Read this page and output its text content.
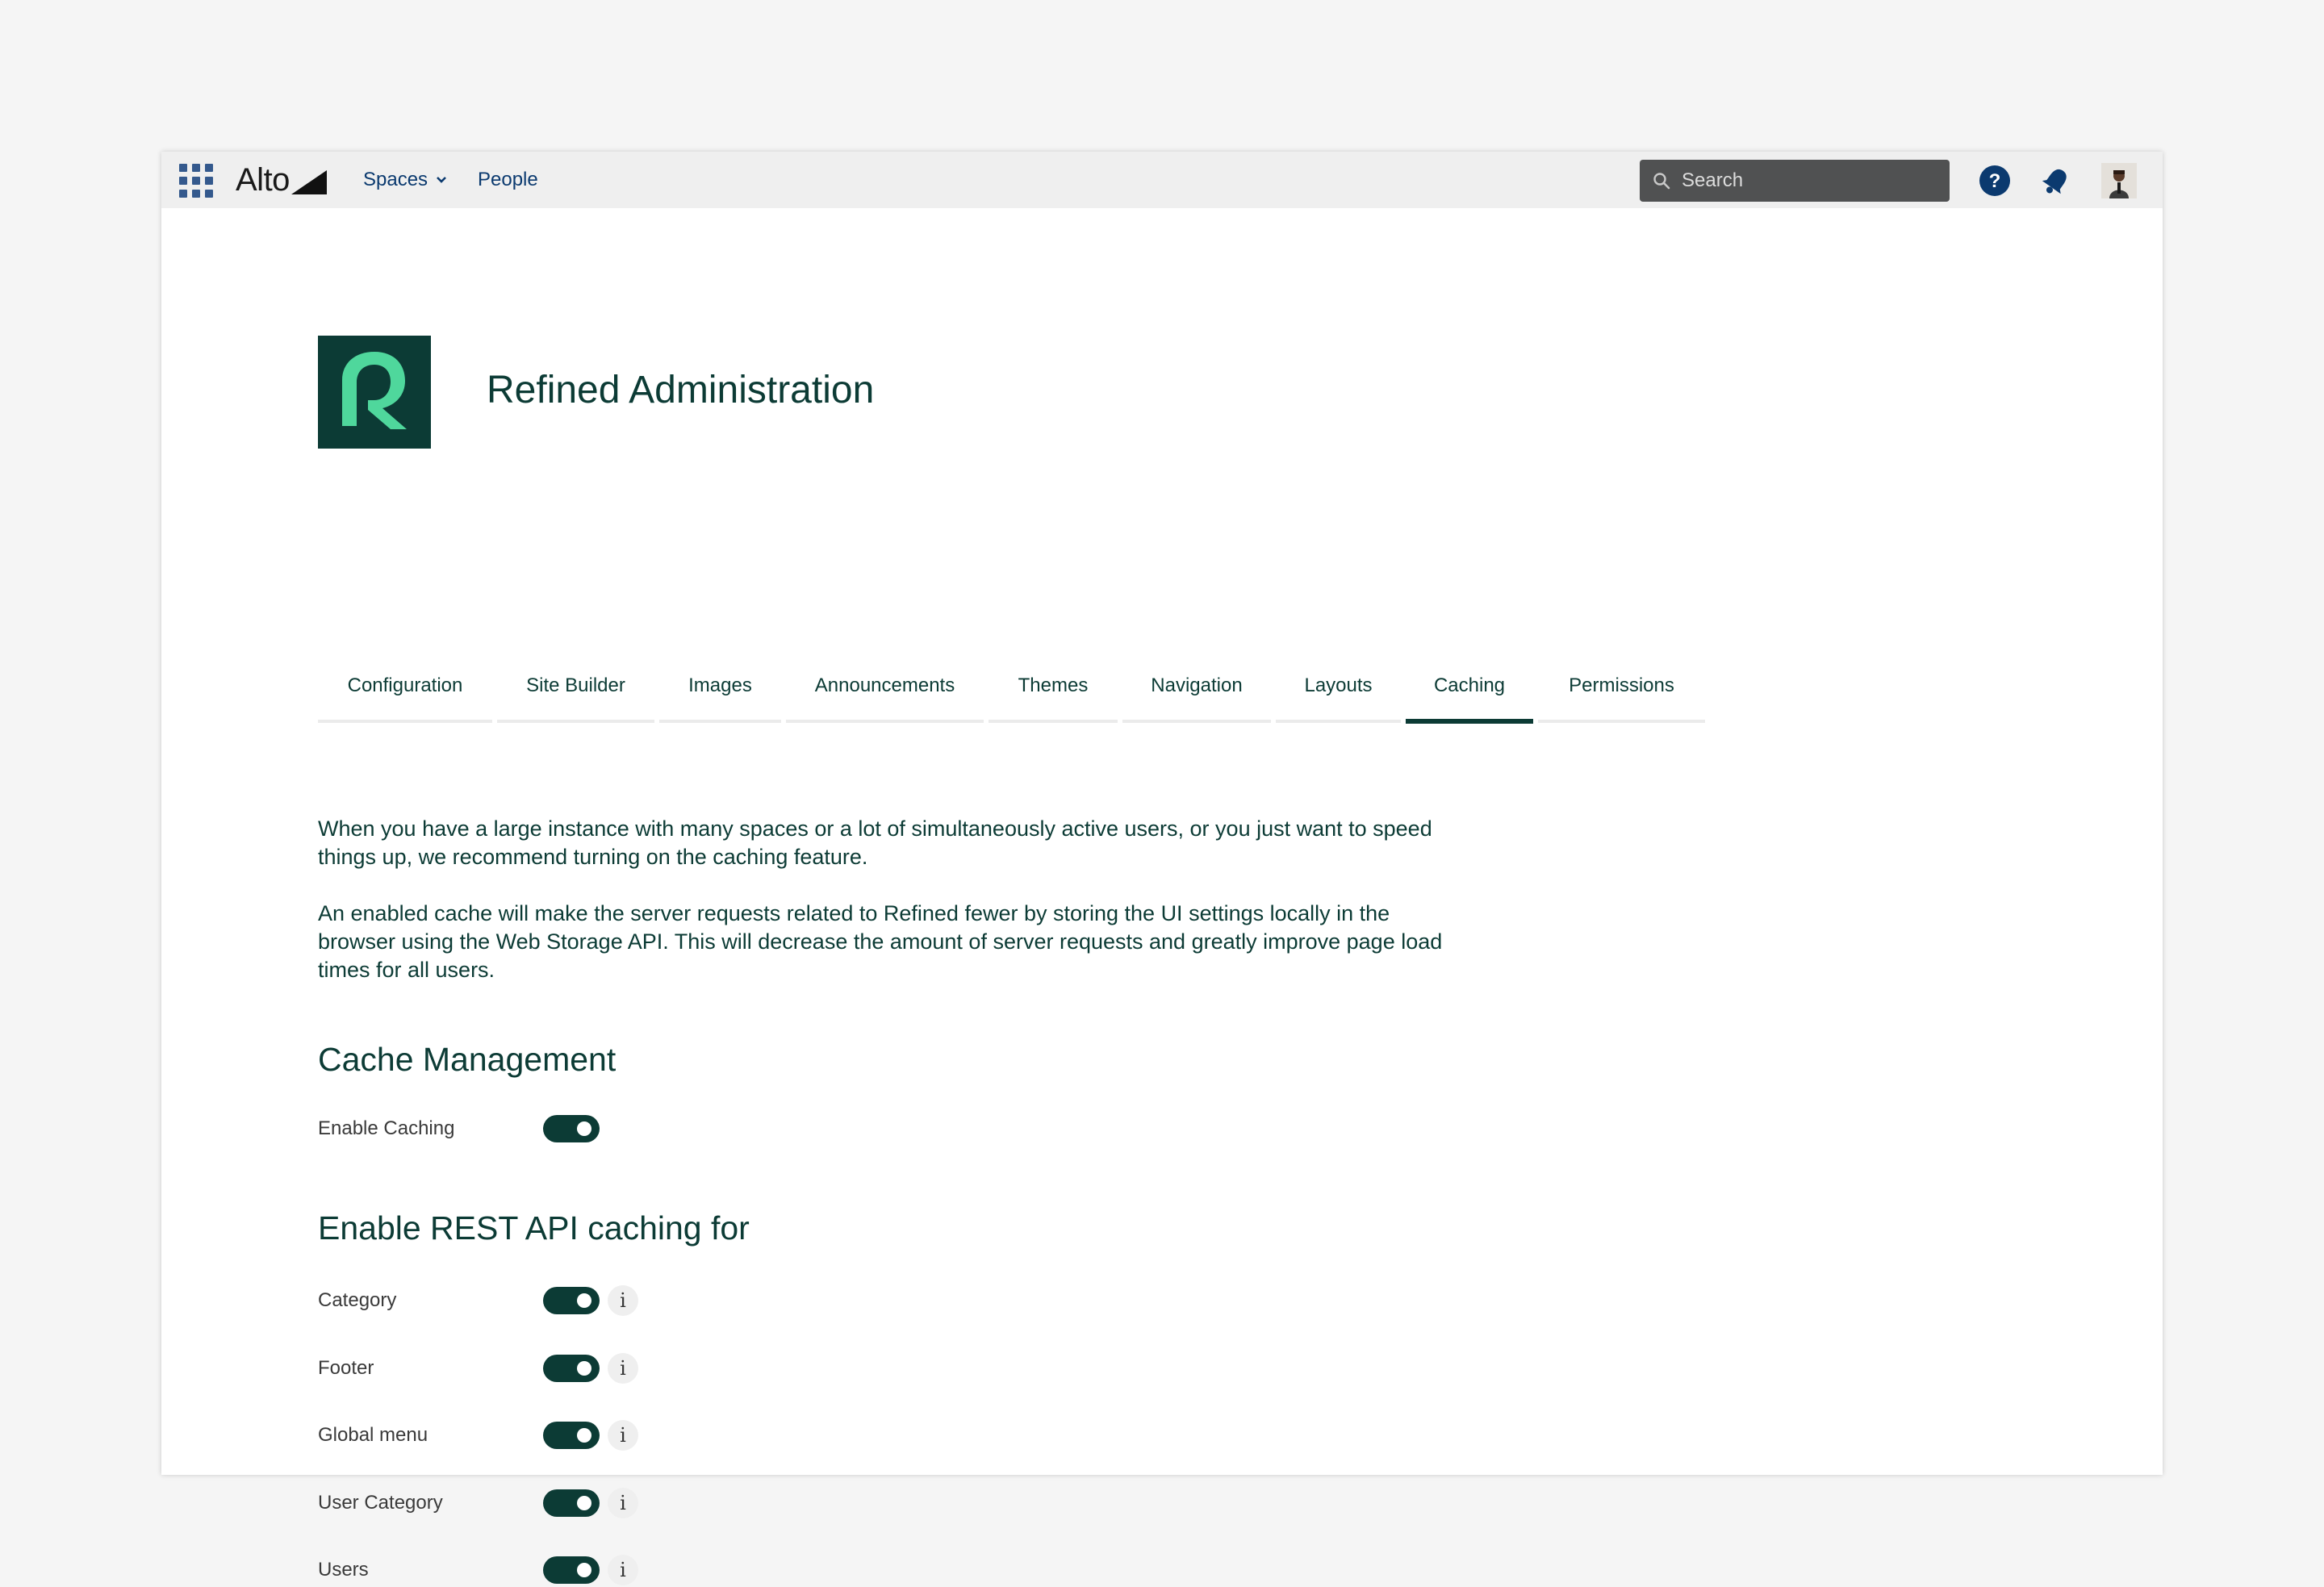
Alto	Spaces	People	Search	?
Refined Administration
Configuration	Site Builder	Images	Announcements	Themes	Navigation	Layouts	Caching	Permissions

When you have a large instance with many spaces or a lot of simultaneously active users, or you just want to speed things up, we recommend turning on the caching feature.

An enabled cache will make the server requests related to Refined fewer by storing the UI settings locally in the browser using the Web Storage API. This will decrease the amount of server requests and greatly improve page load times for all users.

Cache Management
Enable Caching
Enable REST API caching for
Category	i
Footer	i
Global menu	i
User Category	i
Users	i
